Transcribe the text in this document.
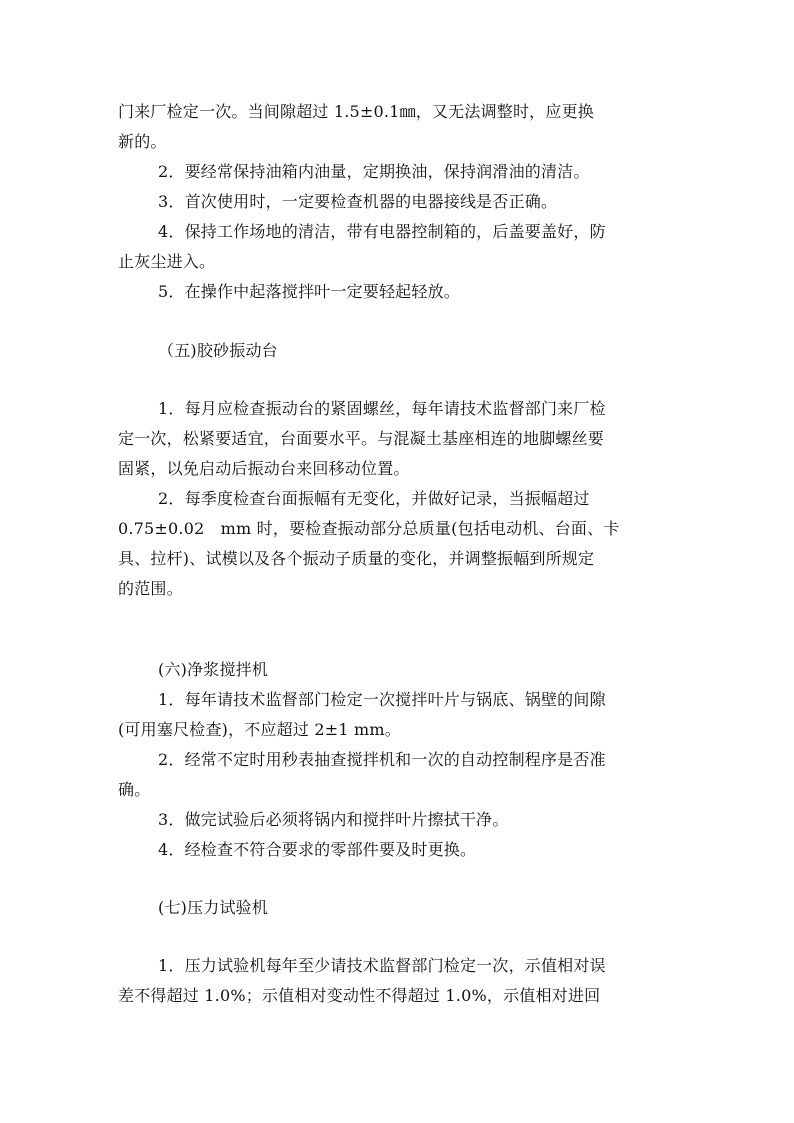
门来厂检定一次。当间隙超过 1.5±0.1㎜，又无法调整时，应更换
新的。
2．要经常保持油箱内油量，定期换油，保持润滑油的清洁。
3．首次使用时，一定要检查机器的电器接线是否正确。
4．保持工作场地的清洁，带有电器控制箱的，后盖要盖好，防
止灰尘进入。
5．在操作中起落搅拌叶一定要轻起轻放。
（五)胶砂振动台
1．每月应检查振动台的紧固螺丝，每年请技术监督部门来厂检
定一次，松紧要适宜，台面要水平。与混凝土基座相连的地脚螺丝要
固紧，以免启动后振动台来回移动位置。
2．每季度检查台面振幅有无变化，并做好记录，当振幅超过
0.75±0.02　mm 时，要检查振动部分总质量(包括电动机、台面、卡
具、拉杆)、试模以及各个振动子质量的变化，并调整振幅到所规定
的范围。
(六)净浆搅拌机
1．每年请技术监督部门检定一次搅拌叶片与锅底、锅壁的间隙
(可用塞尺检查)，不应超过 2±1 mm。
2．经常不定时用秒表抽查搅拌机和一次的自动控制程序是否准
确。
3．做完试验后必须将锅内和搅拌叶片擦拭干净。
4．经检查不符合要求的零部件要及时更换。
(七)压力试验机
1．压力试验机每年至少请技术监督部门检定一次，示值相对误
差不得超过 1.0%；示值相对变动性不得超过 1.0%，示值相对进回
